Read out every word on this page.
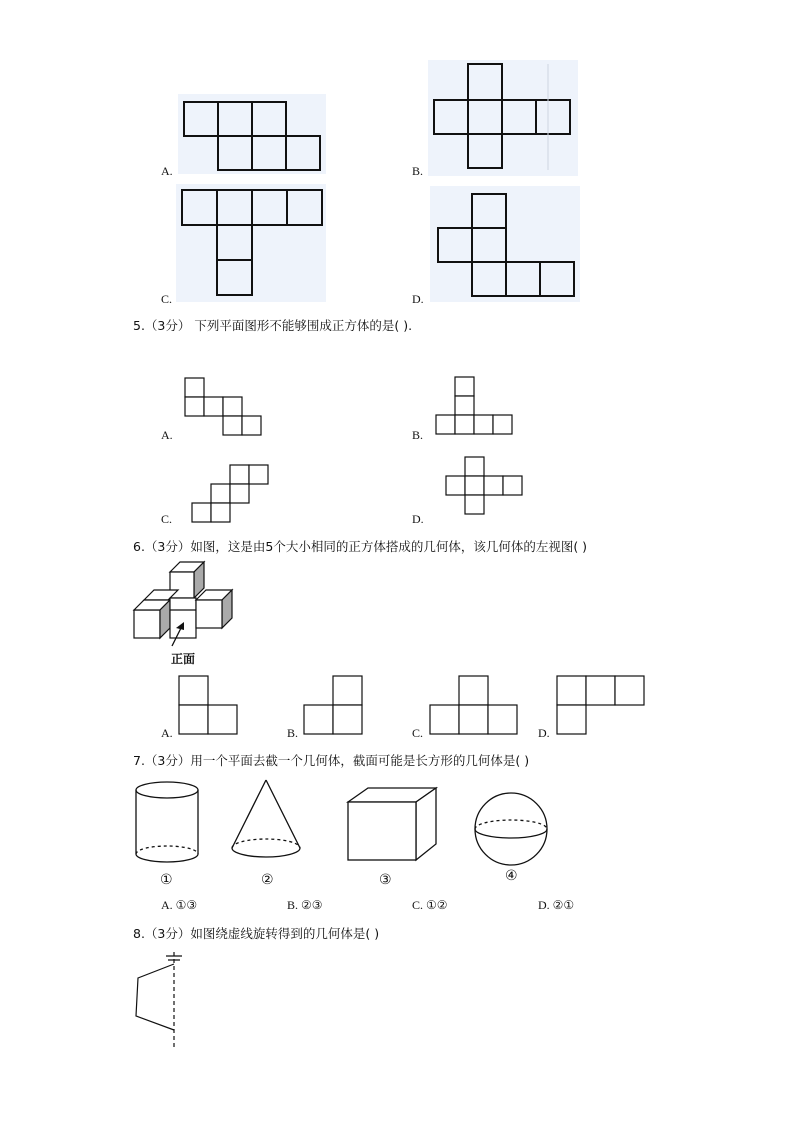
A.	B.
C.	D.
5.（3分） 下列平面图形不能够围成正方体的是( ).
A.	B.
C.	D.
6.（3分）如图，这是由5个大小相同的正方体搭成的几何体，该几何体的左视图( )
正面
A.	B.	C.	D.
7.（3分）用一个平面去截一个几何体，截面可能是长方形的几何体是( )
①	②	③	④
A. ①③	B. ②③	C. ①②	D. ②①
8.（3分）如图绕虚线旋转得到的几何体是( )
